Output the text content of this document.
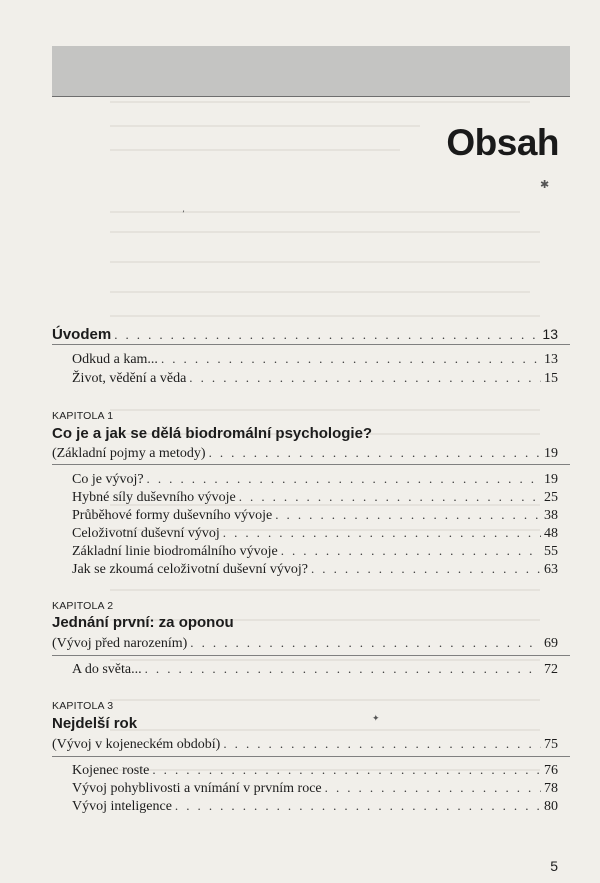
Obsah
✱
ʼ
✦
Úvodem . . .	13
Odkud a kam... . . .	13
Život, vědění a věda . . .	15
KAPITOLA 1
Co je a jak se dělá biodromální psychologie?
(Základní pojmy a metody) . . .	19
Co je vývoj? . . .	19
Hybné síly duševního vývoje . . .	25
Průběhové formy duševního vývoje . . .	38
Celoživotní duševní vývoj . . .	48
Základní linie biodromálního vývoje . . .	55
Jak se zkoumá celoživotní duševní vývoj? . . .	63
KAPITOLA 2
Jednání první: za oponou
(Vývoj před narozením) . . .	69
A do světa... . . .	72
KAPITOLA 3
Nejdelší rok
(Vývoj v kojeneckém období) . . .	75
Kojenec roste . . .	76
Vývoj pohyblivosti a vnímání v prvním roce . . .	78
Vývoj inteligence . . .	80
5
